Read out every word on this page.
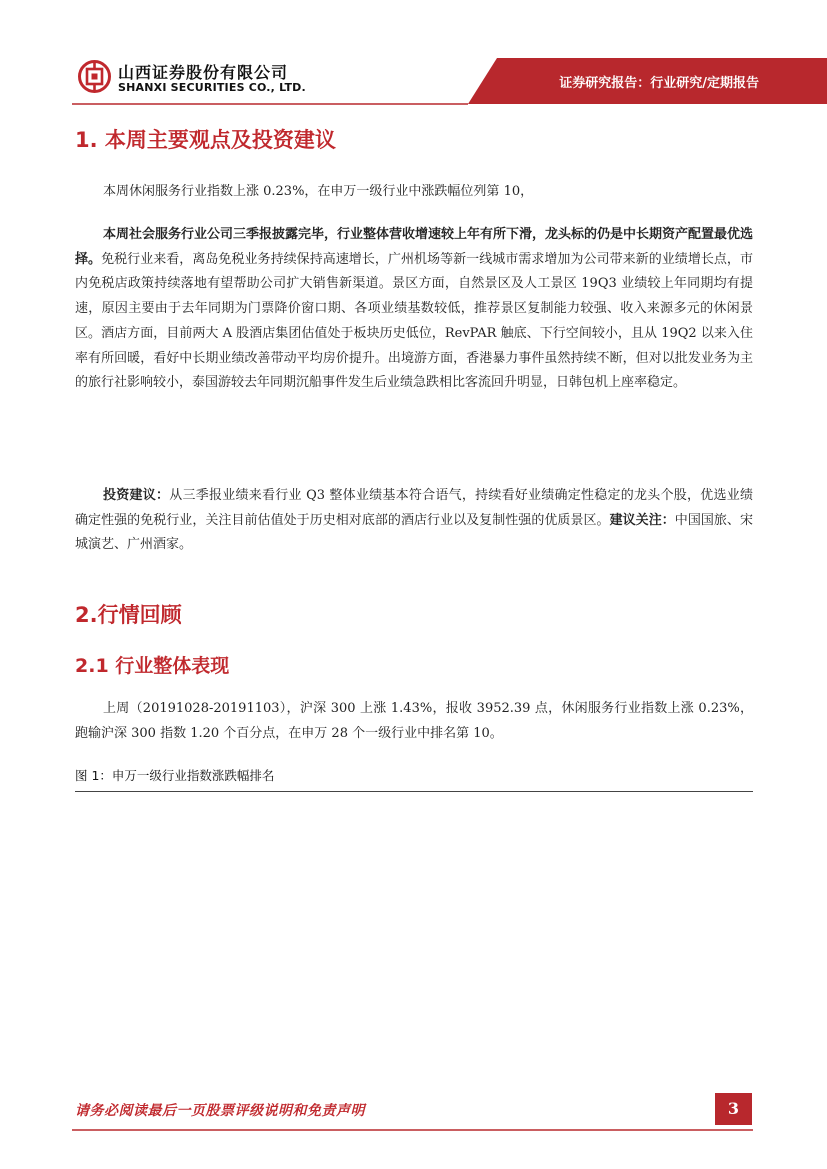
山西证券股份有限公司
SHANXI SECURITIES CO., LTD.	证券研究报告：行业研究/定期报告
1. 本周主要观点及投资建议

本周休闲服务行业指数上涨 0.23%，在申万一级行业中涨跌幅位列第 10，

本周社会服务行业公司三季报披露完毕，行业整体营收增速较上年有所下滑，龙头标的仍是中长期资产配置最优选择。免税行业来看，离岛免税业务持续保持高速增长，广州机场等新一线城市需求增加为公司带来新的业绩增长点，市内免税店政策持续落地有望帮助公司扩大销售新渠道。景区方面，自然景区及人工景区 19Q3 业绩较上年同期均有提速，原因主要由于去年同期为门票降价窗口期、各项业绩基数较低，推荐景区复制能力较强、收入来源多元的休闲景区。酒店方面，目前两大 A 股酒店集团估值处于板块历史低位，RevPAR 触底、下行空间较小，且从 19Q2 以来入住率有所回暖，看好中长期业绩改善带动平均房价提升。出境游方面，香港暴力事件虽然持续不断，但对以批发业务为主的旅行社影响较小，泰国游较去年同期沉船事件发生后业绩急跌相比客流回升明显，日韩包机上座率稳定。

投资建议：从三季报业绩来看行业 Q3 整体业绩基本符合语气，持续看好业绩确定性稳定的龙头个股，优选业绩确定性强的免税行业，关注目前估值处于历史相对底部的酒店行业以及复制性强的优质景区。建议关注：中国国旅、宋城演艺、广州酒家。

2.行情回顾
2.1 行业整体表现

上周（20191028-20191103），沪深 300 上涨 1.43%，报收 3952.39 点，休闲服务行业指数上涨 0.23%，跑输沪深 300 指数 1.20 个百分点，在申万 28 个一级行业中排名第 10。

图 1：申万一级行业指数涨跌幅排名
请务必阅读最后一页股票评级说明和免责声明	3
